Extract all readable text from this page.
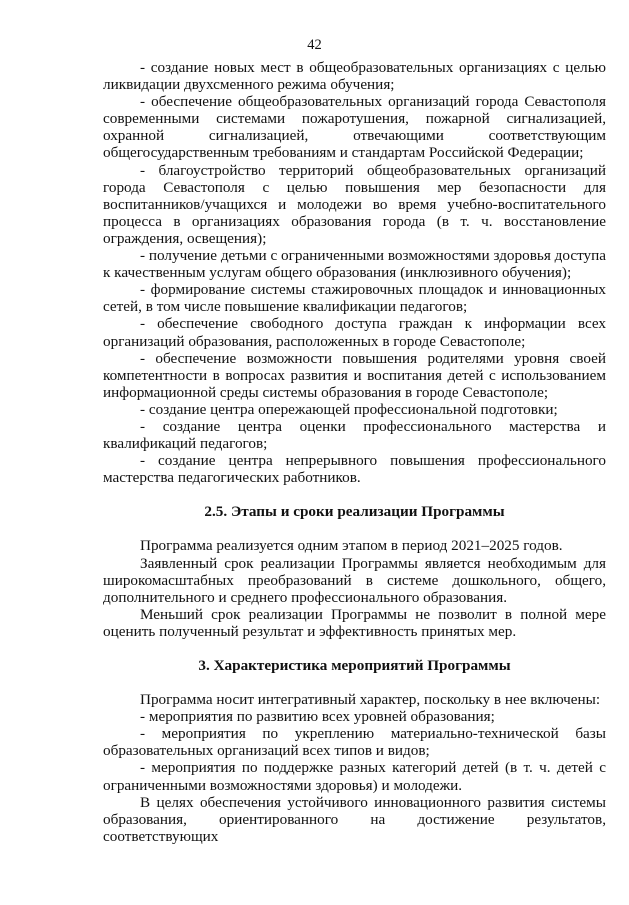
42

- создание новых мест в общеобразовательных организациях с целью ликвидации двухсменного режима обучения;

- обеспечение общеобразовательных организаций города Севастополя современными системами пожаротушения, пожарной сигнализацией, охранной сигнализацией, отвечающими соответствующим общегосударственным требованиям и стандартам Российской Федерации;

- благоустройство территорий общеобразовательных организаций города Севастополя с целью повышения мер безопасности для воспитанников/учащихся и молодежи во время учебно-воспитательного процесса в организациях образования города (в т. ч. восстановление ограждения, освещения);

- получение детьми с ограниченными возможностями здоровья доступа к качественным услугам общего образования (инклюзивного обучения);

- формирование системы стажировочных площадок и инновационных сетей, в том числе повышение квалификации педагогов;

- обеспечение свободного доступа граждан к информации всех организаций образования, расположенных в городе Севастополе;

- обеспечение возможности повышения родителями уровня своей компетентности в вопросах развития и воспитания детей с использованием информационной среды системы образования в городе Севастополе;

- создание центра опережающей профессиональной подготовки;

- создание центра оценки профессионального мастерства и квалификаций педагогов;

- создание центра непрерывного повышения профессионального мастерства педагогических работников.

2.5. Этапы и сроки реализации Программы

Программа реализуется одним этапом в период 2021–2025 годов.

Заявленный срок реализации Программы является необходимым для широкомасштабных преобразований в системе дошкольного, общего, дополнительного и среднего профессионального образования.

Меньший срок реализации Программы не позволит в полной мере оценить полученный результат и эффективность принятых мер.

3. Характеристика мероприятий Программы

Программа носит интегративный характер, поскольку в нее включены:

- мероприятия по развитию всех уровней образования;

- мероприятия по укреплению материально-технической базы образовательных организаций всех типов и видов;

- мероприятия по поддержке разных категорий детей (в т. ч. детей с ограниченными возможностями здоровья) и молодежи.

В целях обеспечения устойчивого инновационного развития системы образования, ориентированного на достижение результатов, соответствующих
